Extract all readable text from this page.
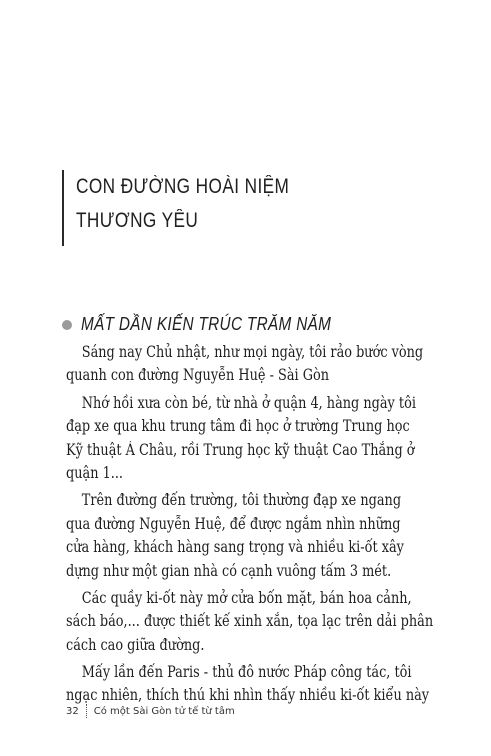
CON ĐƯỜNG HOÀI NIỆM
THƯƠNG YÊU
MẤT DẦN KIẾN TRÚC TRĂM NĂM
Sáng nay Chủ nhật, như mọi ngày, tôi rảo bước vòng
quanh con đường Nguyễn Huệ - Sài Gòn
Nhớ hồi xưa còn bé, từ nhà ở quận 4, hàng ngày tôi
đạp xe qua khu trung tâm đi học ở trường Trung học
Kỹ thuật Á Châu, rồi Trung học kỹ thuật Cao Thắng ở
quận 1...
Trên đường đến trường, tôi thường đạp xe ngang
qua đường Nguyễn Huệ, để được ngắm nhìn những
cửa hàng, khách hàng sang trọng và nhiều ki-ốt xây
dựng như một gian nhà có cạnh vuông tấm 3 mét.
Các quầy ki-ốt này mở cửa bốn mặt, bán hoa cảnh,
sách báo,... được thiết kế xinh xắn, tọa lạc trên dải phân
cách cao giữa đường.
Mấy lần đến Paris - thủ đô nước Pháp công tác, tôi
ngạc nhiên, thích thú khi nhìn thấy nhiều ki-ốt kiểu này
32 Có một Sài Gòn tử tế từ tâm
